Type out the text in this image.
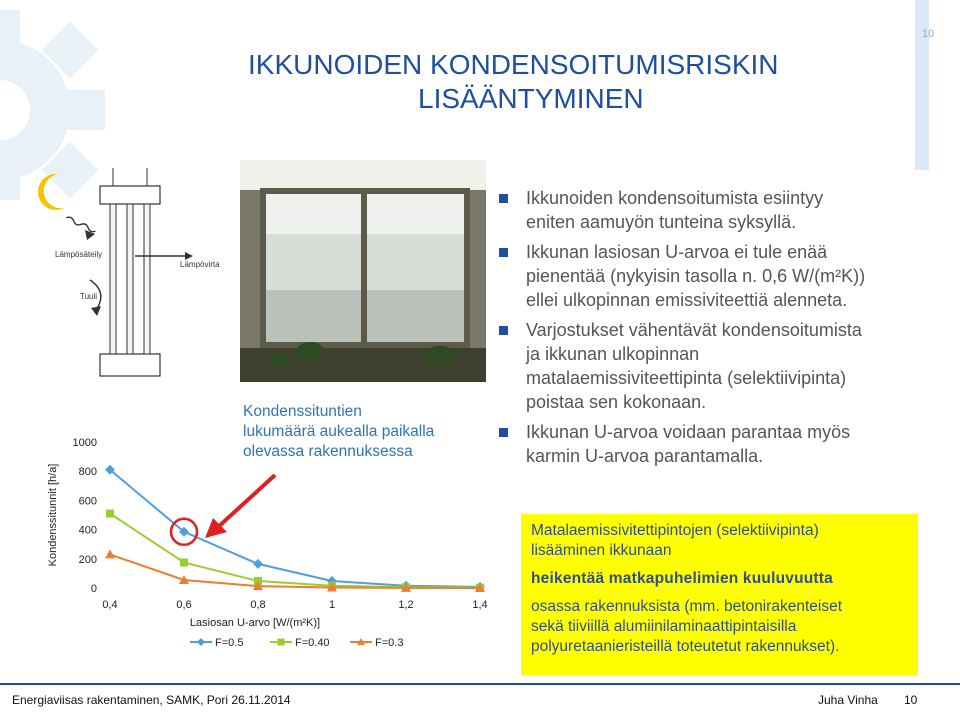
10
IKKUNOIDEN KONDENSOITUMISRISKIN
LISÄÄNTYMINEN
Lämpösäteily
Lämpövirta
Tuuli
Kondenssituntien
lukumäärä aukealla paikalla
olevassa rakennuksessa
Ikkunoiden kondensoitumista esiintyy
eniten aamuyön tunteina syksyllä.
Ikkunan lasiosan U-arvoa ei tule enää
pienentää (nykyisin tasolla n. 0,6 W/(m²K))
ellei ulkopinnan emissiviteettiä alenneta.
Varjostukset vähentävät kondensoitumista
ja ikkunan ulkopinnan
matalaemissiviteettipinta (selektiivipinta)
poistaa sen kokonaan.
Ikkunan U-arvoa voidaan parantaa myös
karmin U-arvoa parantamalla.

Matalaemissivitettipintojen (selektiivipinta)

lisääminen ikkunaan

heikentää matkapuhelimien kuuluvuutta

osassa rakennuksista (mm. betonirakenteiset

sekä tiiviillä alumiinilaminaattipintaisilla

polyuretaanieristeillä toteutetut rakennukset).

Kondenssitunnit [h/a]
0
200
400
600
800
1000
0,4	0,6	0,8	1	1,2	1,4
Lasiosan U-arvo [W/(m²K)]
F=0.5	F=0.40	F=0.3
Energiaviisas rakentaminen, SAMK, Pori 26.11.2014	Juha Vinha 10
